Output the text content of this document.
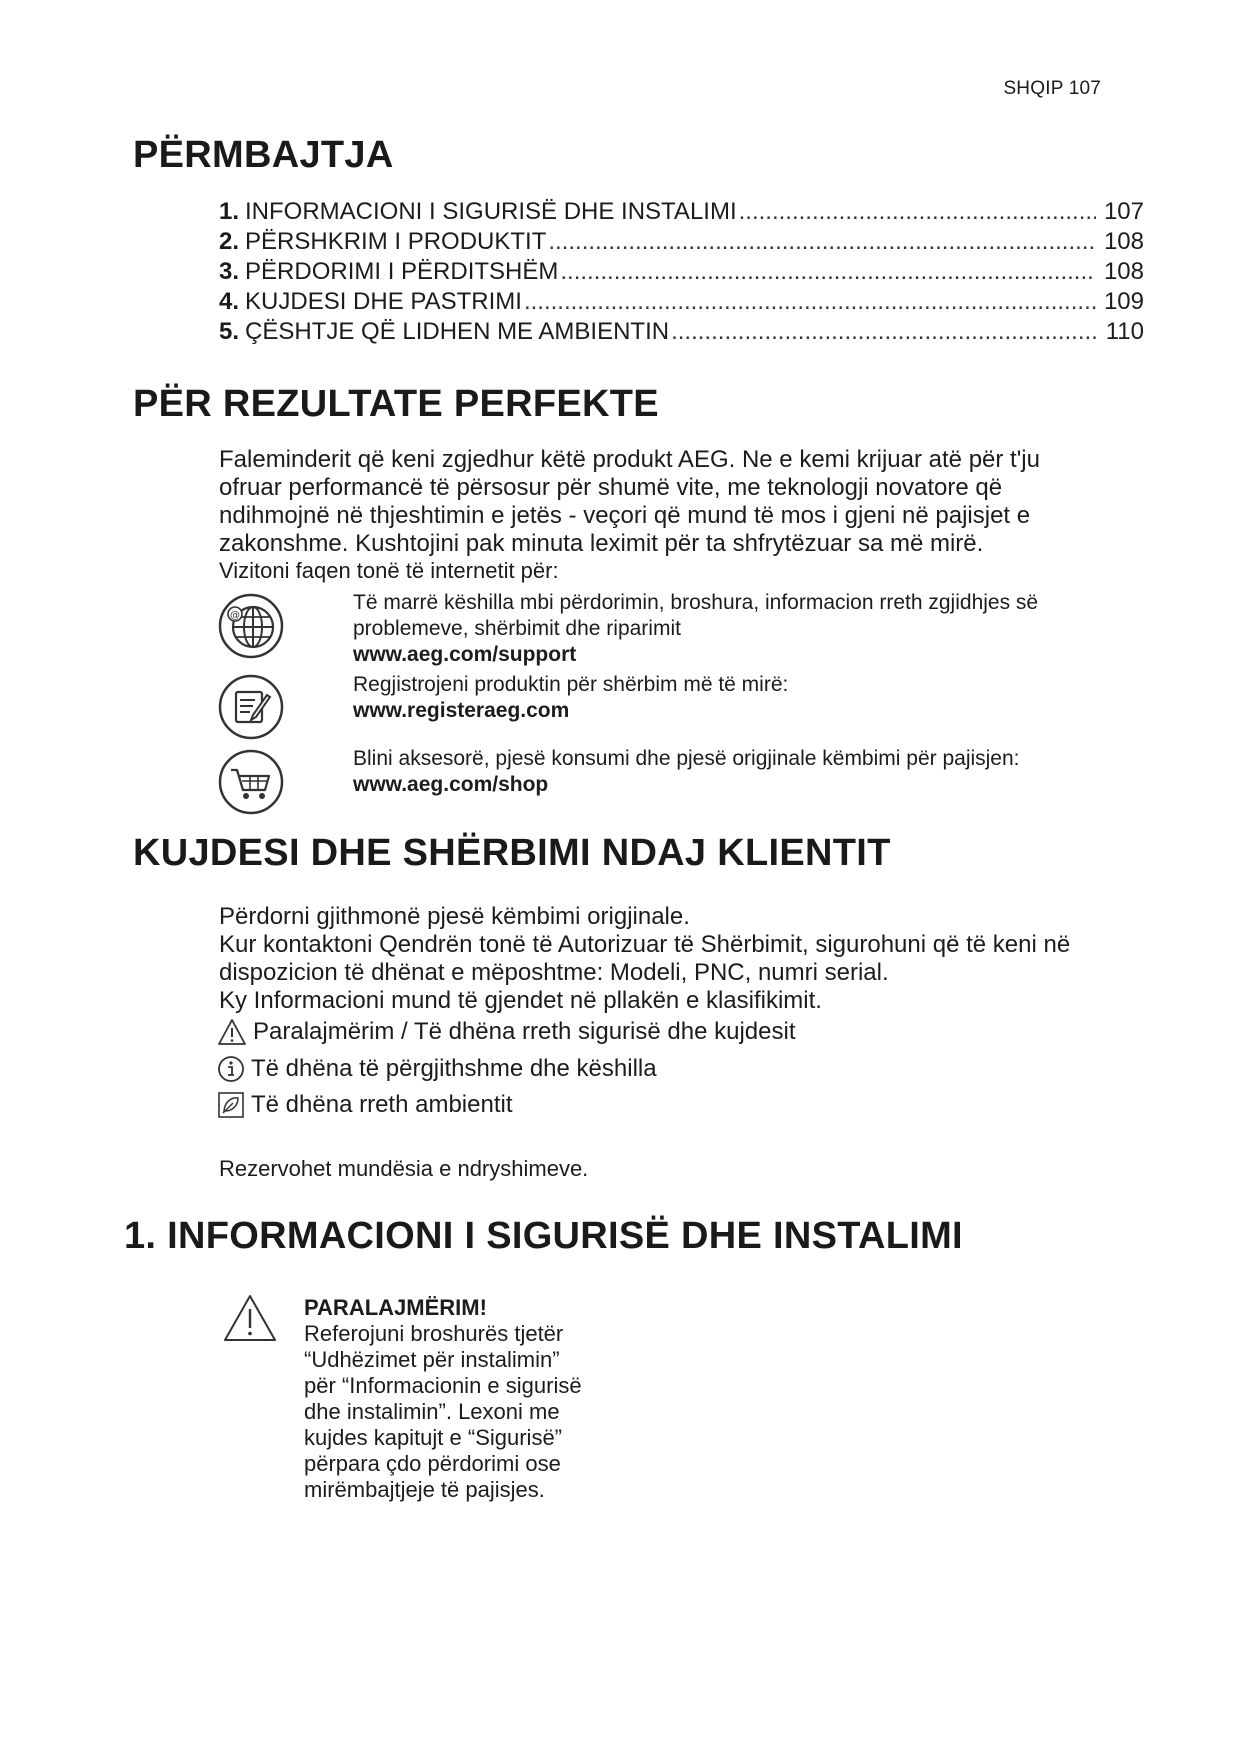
SHQIP 107
PËRMBAJTJA
1. INFORMACIONI I SIGURISË DHE INSTALIMI .....	107
2. PËRSHKRIM I PRODUKTIT .....	108
3. PËRDORIMI I PËRDITSHËM .....	108
4. KUJDESI DHE PASTRIMI .....	109
5. ÇËSHTJE QË LIDHEN ME AMBIENTIN .....	110
PËR REZULTATE PERFEKTE
Faleminderit që keni zgjedhur këtë produkt AEG. Ne e kemi krijuar atë për t'ju
ofruar performancë të përsosur për shumë vite, me teknologji novatore që
ndihmojnë në thjeshtimin e jetës - veçori që mund të mos i gjeni në pajisjet e
zakonshme. Kushtojini pak minuta leximit për ta shfrytëzuar sa më mirë.
Vizitoni faqen tonë të internetit për:
@
Të marrë këshilla mbi përdorimin, broshura, informacion rreth zgjidhjes së
problemeve, shërbimit dhe riparimit
www.aeg.com/support
Regjistrojeni produktin për shërbim më të mirë:
www.registeraeg.com
Blini aksesorë, pjesë konsumi dhe pjesë origjinale këmbimi për pajisjen:
www.aeg.com/shop
KUJDESI DHE SHËRBIMI NDAJ KLIENTIT
Përdorni gjithmonë pjesë këmbimi origjinale.
Kur kontaktoni Qendrën tonë të Autorizuar të Shërbimit, sigurohuni që të keni në
dispozicion të dhënat e mëposhtme: Modeli, PNC, numri serial.
Ky Informacioni mund të gjendet në pllakën e klasifikimit.
Paralajmërim / Të dhëna rreth sigurisë dhe kujdesit
Të dhëna të përgjithshme dhe këshilla
Të dhëna rreth ambientit
Rezervohet mundësia e ndryshimeve.
1. INFORMACIONI I SIGURISË DHE INSTALIMI
PARALAJMËRIM!
Referojuni broshurës tjetër
“Udhëzimet për instalimin”
për “Informacionin e sigurisë
dhe instalimin”. Lexoni me
kujdes kapitujt e “Sigurisë”
përpara çdo përdorimi ose
mirëmbajtjeje të pajisjes.
